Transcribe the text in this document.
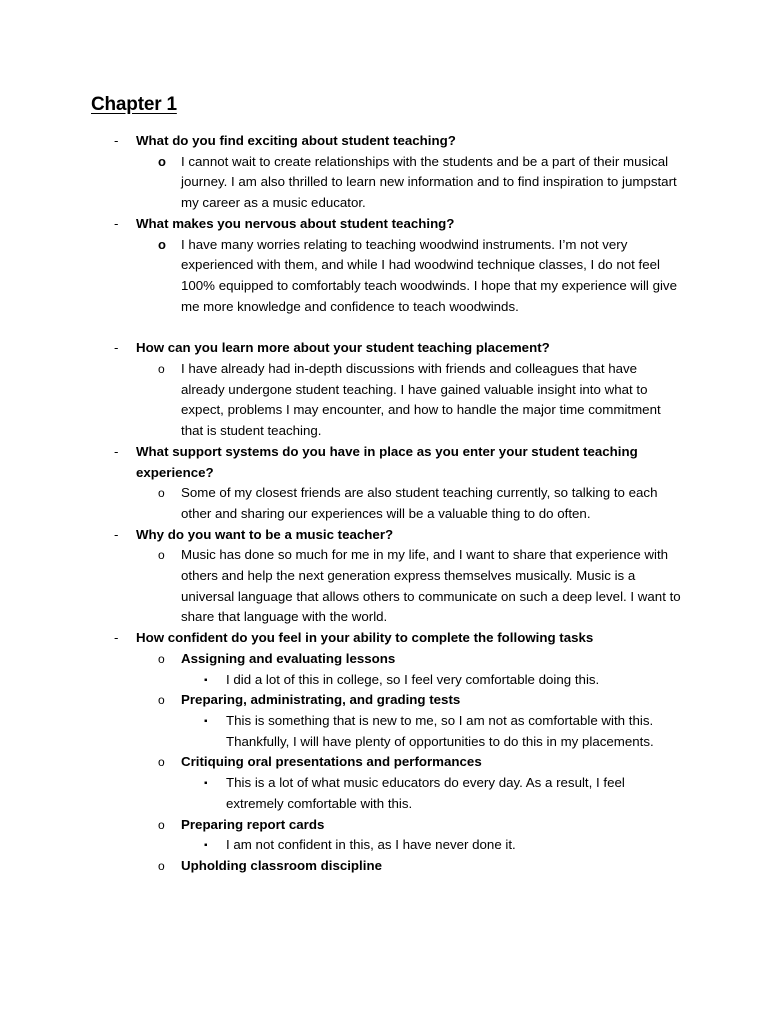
Chapter 1
- What do you find exciting about student teaching?
o I cannot wait to create relationships with the students and be a part of their musical journey. I am also thrilled to learn new information and to find inspiration to jumpstart my career as a music educator.
- What makes you nervous about student teaching?
o I have many worries relating to teaching woodwind instruments. I’m not very experienced with them, and while I had woodwind technique classes, I do not feel 100% equipped to comfortably teach woodwinds. I hope that my experience will give me more knowledge and confidence to teach woodwinds.
- How can you learn more about your student teaching placement?
o I have already had in-depth discussions with friends and colleagues that have already undergone student teaching. I have gained valuable insight into what to expect, problems I may encounter, and how to handle the major time commitment that is student teaching.
- What support systems do you have in place as you enter your student teaching experience?
o Some of my closest friends are also student teaching currently, so talking to each other and sharing our experiences will be a valuable thing to do often.
- Why do you want to be a music teacher?
o Music has done so much for me in my life, and I want to share that experience with others and help the next generation express themselves musically. Music is a universal language that allows others to communicate on such a deep level. I want to share that language with the world.
- How confident do you feel in your ability to complete the following tasks
o Assigning and evaluating lessons
▪ I did a lot of this in college, so I feel very comfortable doing this.
o Preparing, administrating, and grading tests
▪ This is something that is new to me, so I am not as comfortable with this. Thankfully, I will have plenty of opportunities to do this in my placements.
o Critiquing oral presentations and performances
▪ This is a lot of what music educators do every day. As a result, I feel extremely comfortable with this.
o Preparing report cards
▪ I am not confident in this, as I have never done it.
o Upholding classroom discipline
